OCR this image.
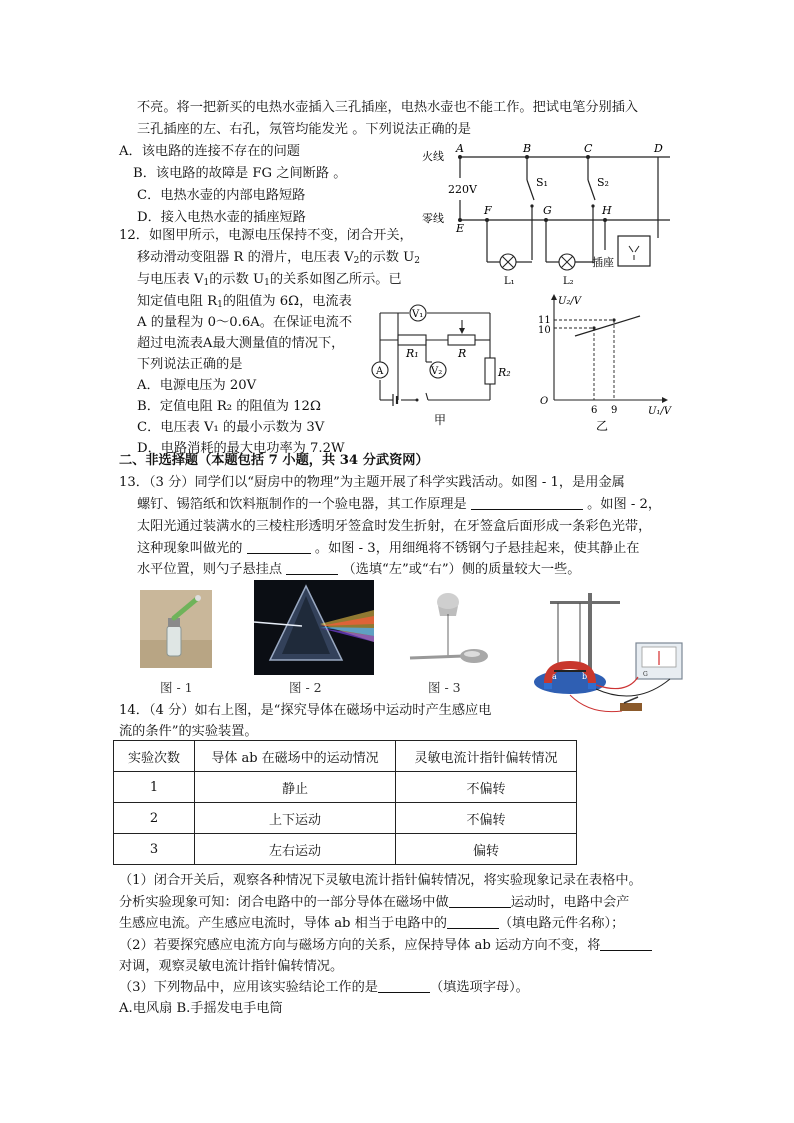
不亮。将一把新买的电热水壶插入三孔插座，电热水壶也不能工作。把试电笔分别插入
三孔插座的左、右孔，氖管均能发光 。下列说法正确的是
A．该电路的连接不存在的问题
B．该电路的故障是 FG 之间断路 。
C．电热水壶的内部电路短路
D．接入电热水壶的插座短路
火线
零线
220V
A	B	C	D
E
F	G	H
S₁	S₂
L₁	L₂
插座
12．如图甲所示，电源电压保持不变，闭合开关，
移动滑动变阻器 R 的滑片，电压表 $V_2$的示数 $U_2$
与电压表 $V_1$的示数 $U_1$的关系如图乙所示。已
知定值电阻 $R_1$的阻值为 6Ω，电流表
A 的量程为 0～0.6A。在保证电流不
超过电流表A最大测量值的情况下，
下列说法正确的是
A．电源电压为 20V
B．定值电阻 R₂ 的阻值为 12Ω
C．电压表 V₁ 的最小示数为 3V
D．电路消耗的最大电功率为 7.2W
V₁
A	V₂
R₁	R
R₂
甲
U₂/V
U₁/V
O
11
10
6 9
乙
二、非选择题（本题包括 7 小题，共 34 分武资网）
13．（3 分）同学们以“厨房中的物理”为主题开展了科学实践活动。如图 - 1，是用金属
螺钉、锡箔纸和饮料瓶制作的一个验电器，其工作原理是	。如图 - 2，
太阳光通过装满水的三棱柱形透明牙签盒时发生折射，在牙签盒后面形成一条彩色光带，
这种现象叫做光的	。如图 - 3，用细绳将不锈钢勺子悬挂起来，使其静止在
水平位置，则勺子悬挂点	（选填“左”或“右”）侧的质量较大一些。
图 - 1	图 - 2	图 - 3
a	b	G
14．（4 分）如右上图，是“探究导体在磁场中运动时产生感应电
流的条件”的实验装置。
实验次数	导体 ab 在磁场中的运动情况	灵敏电流计指针偏转情况
1	静止	不偏转
2	上下运动	不偏转
3	左右运动	偏转
（1）闭合开关后，观察各种情况下灵敏电流计指针偏转情况，将实验现象记录在表格中。
分析实验现象可知：闭合电路中的一部分导体在磁场中做	运动时，电路中会产
生感应电流。产生感应电流时，导体 ab 相当于电路中的	（填电路元件名称）；
（2）若要探究感应电流方向与磁场方向的关系，应保持导体 ab 运动方向不变，将
对调，观察灵敏电流计指针偏转情况。
（3）下列物品中，应用该实验结论工作的是	（填选项字母）。
A.电风扇 B.手摇发电手电筒
